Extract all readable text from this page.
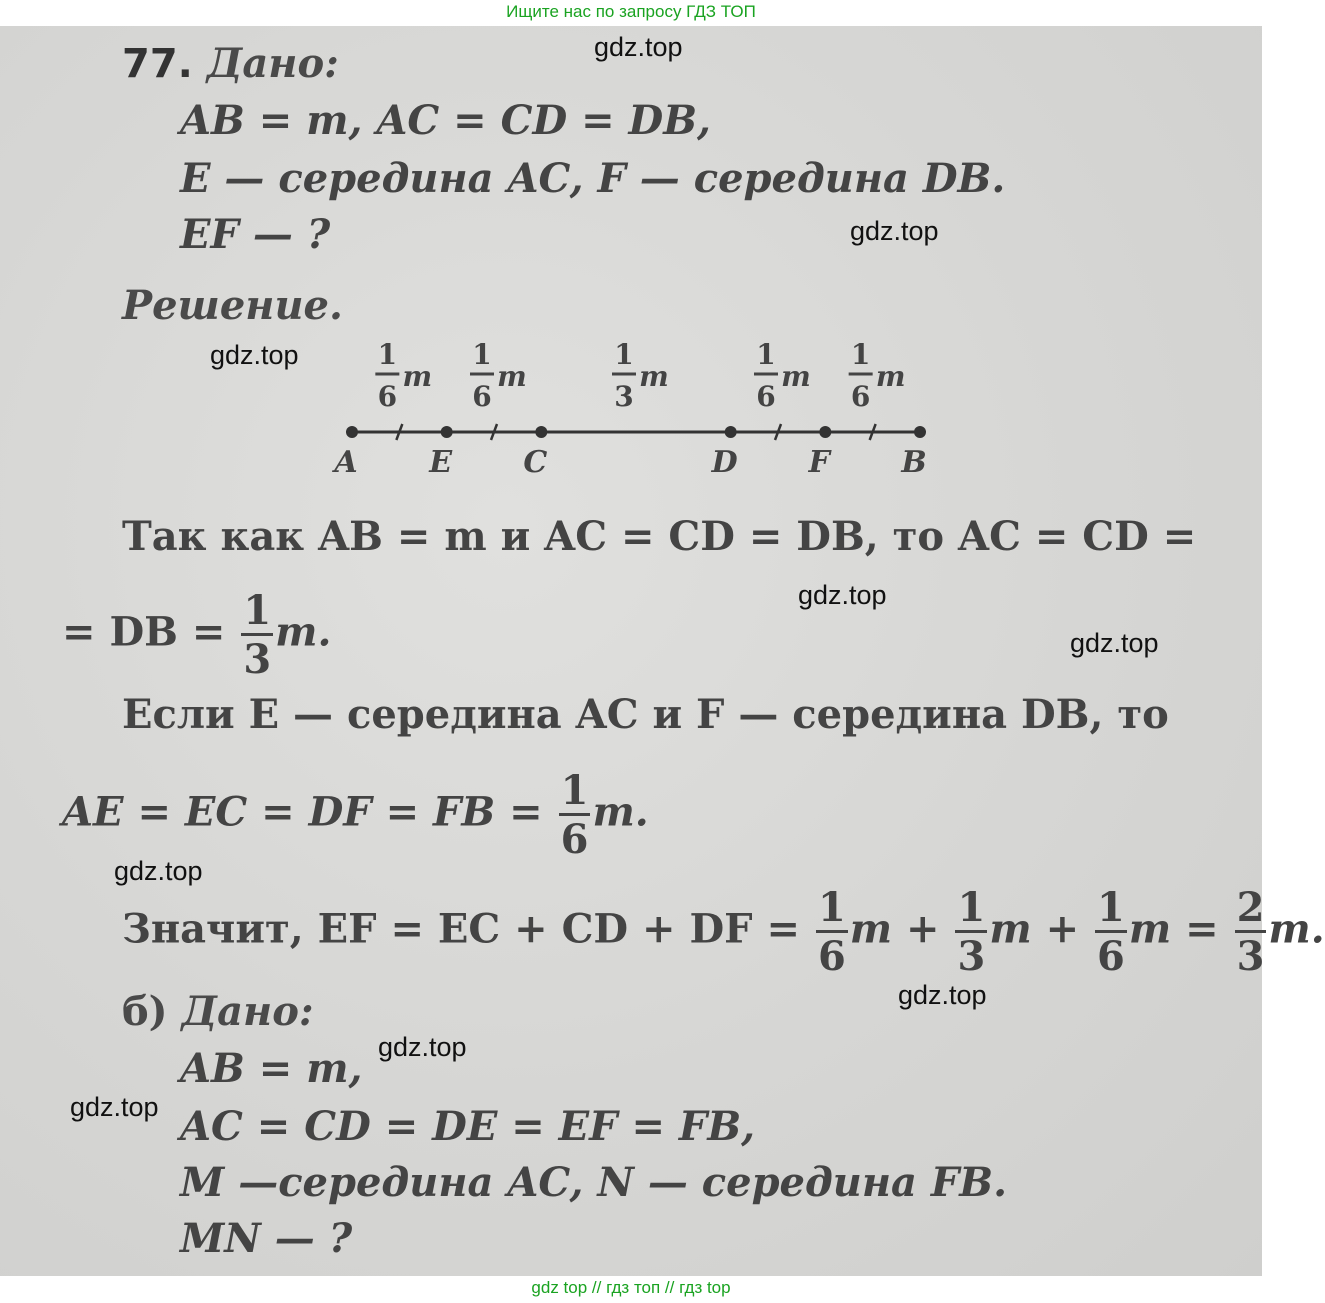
Ищите нас по запросу ГДЗ ТОП
77. Дано:
AB = m, AC = CD = DB,
E — середина AC, F — середина DB.
EF — ?
Решение.
A E C	D F B
1
6
m
1
6
m
1
3
m
1
6
m
1
6
m
Так как AB = m и AC = CD = DB, то AC = CD =
= DB = $\frac{1}{3} m$.
Если E — середина AC и F — середина DB, то
AE = EC = DF = FB = $\frac{1}{6} m$.
Значит, EF = EC + CD + DF = $\frac{1}{6}$ $m + \frac{1}{3}$ $m + \frac{1}{6}$ $m = \frac{2}{3} m$.
б) Дано:
AB = m,
AC = CD = DE = EF = FB,
M —середина AC, N — середина FB.
MN — ?
gdz.top
gdz.top
gdz.top
gdz.top
gdz.top
gdz.top
gdz.top
gdz.top
gdz.top
gdz top // гдз топ // гдз top
